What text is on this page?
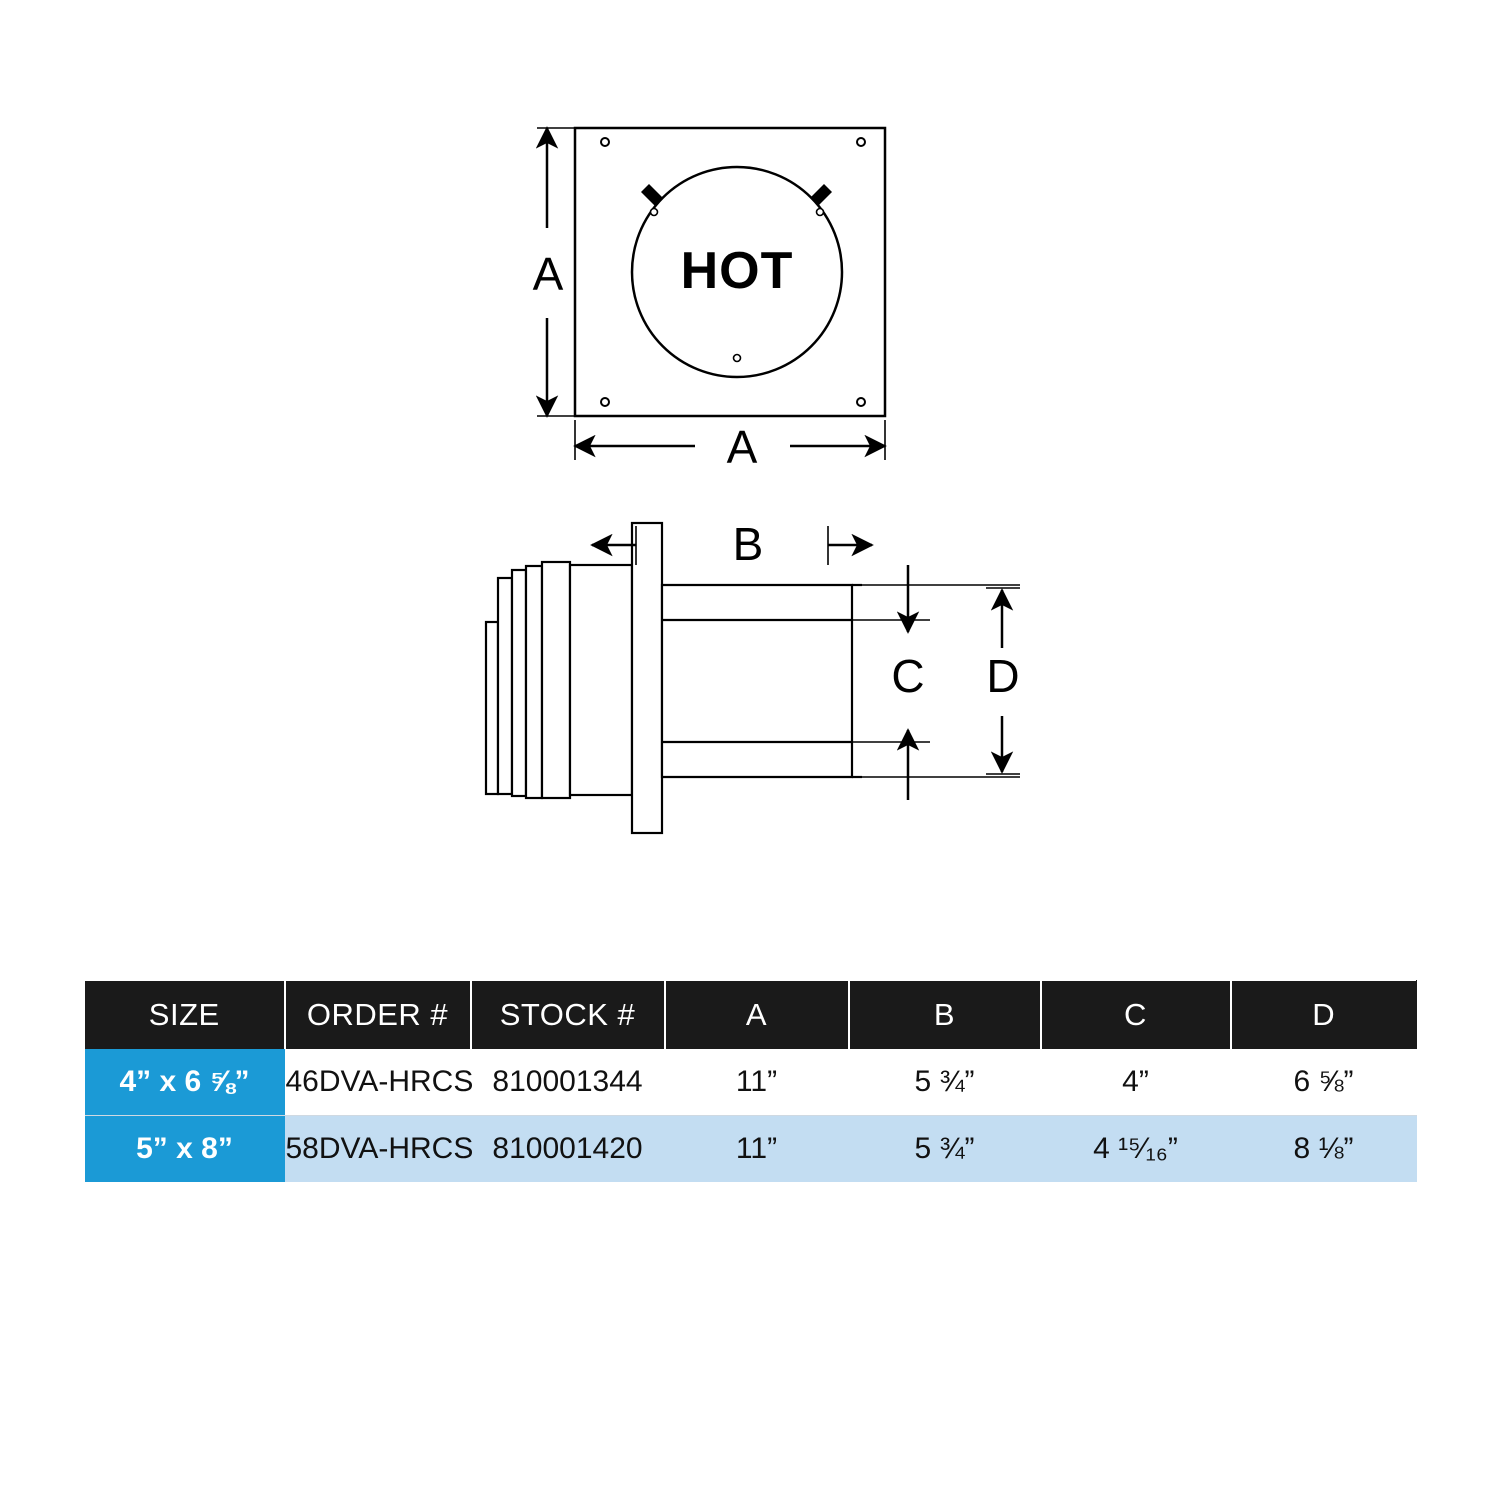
HOT
A
A
B
C D
SIZE	ORDER #	STOCK #	A	B	C	D
4” x 6 ⅝”	46DVA-HRCS	810001344	11”	5 ¾”	4”	6 ⅝”
5” x 8”	58DVA-HRCS	810001420	11”	5 ¾”	4 ¹⁵⁄₁₆”	8 ⅛”
